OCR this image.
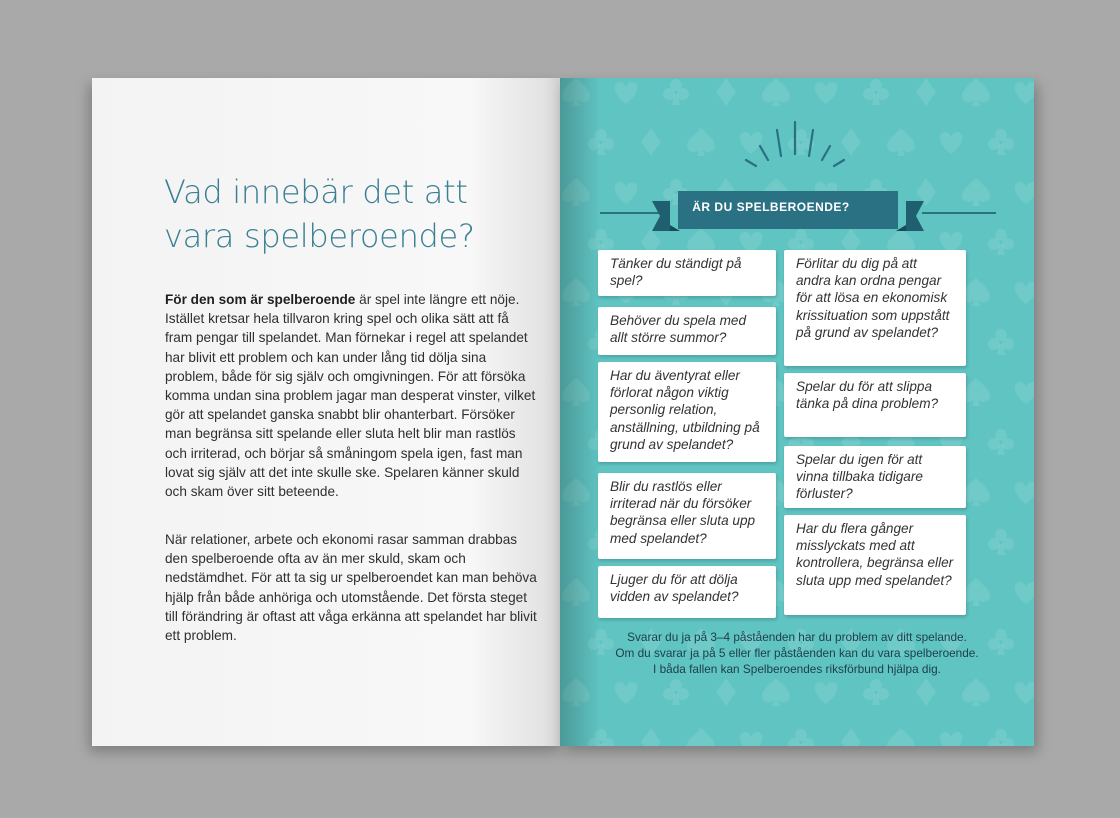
Vad innebär det att vara spelberoende?

För den som är spelberoende är spel inte längre ett nöje. Istället kretsar hela tillvaron kring spel och olika sätt att få fram pengar till spelandet. Man förnekar i regel att spelandet har blivit ett problem och kan under lång tid dölja sina problem, både för sig själv och omgivningen. För att försöka komma undan sina problem jagar man desperat vinster, vilket gör att spelandet ganska snabbt blir ohanterbart. Försöker man begränsa sitt spelande eller sluta helt blir man rastlös och irriterad, och börjar så småningom spela igen, fast man lovat sig själv att det inte skulle ske. Spelaren känner skuld och skam över sitt beteende.

När relationer, arbete och ekonomi rasar samman drabbas den spelberoende ofta av än mer skuld, skam och nedstämdhet. För att ta sig ur spelberoendet kan man behöva hjälp från både anhöriga och utomstående. Det första steget till förändring är oftast att våga erkänna att spelandet har blivit ett problem.

ÄR DU SPELBEROENDE?
Tänker du ständigt på spel?
Behöver du spela med allt större summor?
Har du äventyrat eller förlorat någon viktig personlig relation, anställning, utbildning på grund av spelandet?
Blir du rastlös eller irriterad när du försöker begränsa eller sluta upp med spelandet?
Ljuger du för att dölja vidden av spelandet?
Förlitar du dig på att andra kan ordna pengar för att lösa en ekonomisk krissituation som uppstått på grund av spelandet?
Spelar du för att slippa tänka på dina problem?
Spelar du igen för att vinna tillbaka tidigare förluster?
Har du flera gånger misslyckats med att kontrollera, begränsa eller sluta upp med spelandet?
Svarar du ja på 3–4 påståenden har du problem av ditt spelande.
Om du svarar ja på 5 eller fler påståenden kan du vara spelberoende.
I båda fallen kan Spelberoendes riksförbund hjälpa dig.
